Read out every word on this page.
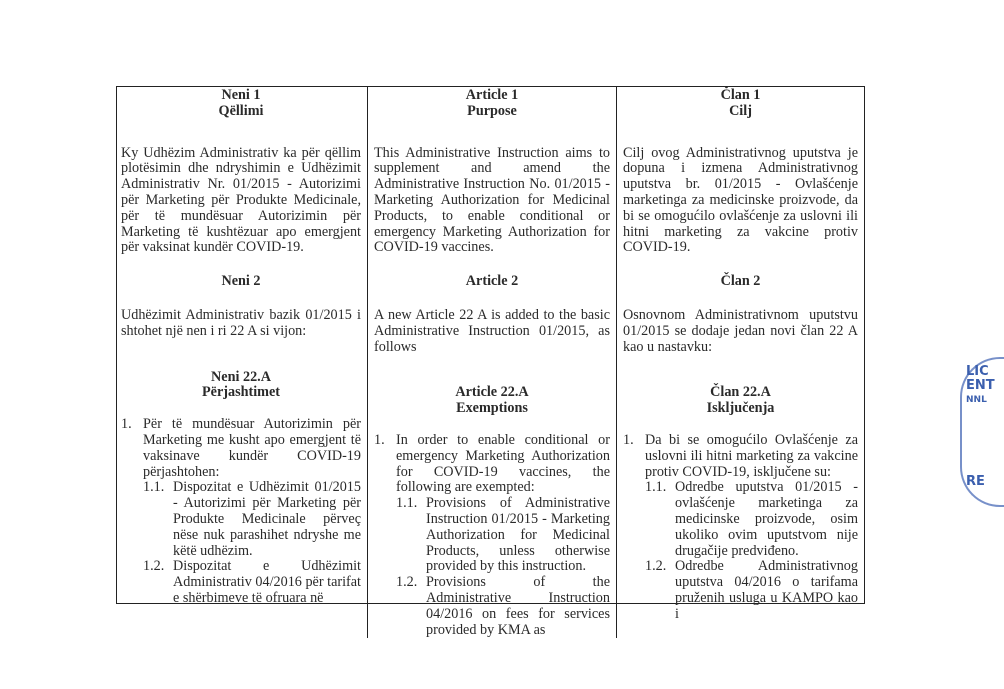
Neni 1

Qëllimi

Ky Udhëzim Administrativ ka për qëllim plotësimin dhe ndryshimin e Udhëzimit Administrativ Nr. 01/2015 - Autorizimi për Marketing për Produkte Medicinale, për të mundësuar Autorizimin për Marketing të kushtëzuar apo emergjent për vaksinat kundër COVID-19.

Neni 2

Udhëzimit Administrativ bazik 01/2015 i shtohet një nen i ri 22 A si vijon:

Neni 22.A

Përjashtimet

1. Për të mundësuar Autorizimin për Marketing me kusht apo emergjent të vaksinave kundër COVID-19 përjashtohen:
1.1. Dispozitat e Udhëzimit 01/2015 - Autorizimi për Marketing për Produkte Medicinale përveç nëse nuk parashihet ndryshe me këtë udhëzim.
1.2. Dispozitat e Udhëzimit Administrativ 04/2016 për tarifat e shërbimeve të ofruara në

Article 1

Purpose

This Administrative Instruction aims to supplement and amend the Administrative Instruction No. 01/2015 - Marketing Authorization for Medicinal Products, to enable conditional or emergency Marketing Authorization for COVID-19 vaccines.

Article 2

A new Article 22 A is added to the basic Administrative Instruction 01/2015, as follows

Article 22.A

Exemptions

1. In order to enable conditional or emergency Marketing Authorization for COVID-19 vaccines, the following are exempted:
1.1. Provisions of Administrative Instruction 01/2015 - Marketing Authorization for Medicinal Products, unless otherwise provided by this instruction.
1.2. Provisions of the Administrative Instruction 04/2016 on fees for services provided by KMA as

Član 1

Cilj

Cilj ovog Administrativnog uputstva je dopuna i izmena Administrativnog uputstva br. 01/2015 - Ovlašćenje marketinga za medicinske proizvode, da bi se omogućilo ovlašćenje za uslovni ili hitni marketing za vakcine protiv COVID-19.

Član 2

Osnovnom Administrativnom uputstvu 01/2015 se dodaje jedan novi član 22 A kao u nastavku:

Član 22.A

Isključenja

1. Da bi se omogućilo Ovlašćenje za uslovni ili hitni marketing za vakcine protiv COVID-19, isključene su:
1.1. Odredbe uputstva 01/2015 - ovlašćenje marketinga za medicinske proizvode, osim ukoliko ovim uputstvom nije drugačije predviđeno.
1.2. Odredbe Administrativnog uputstva 04/2016 o tarifama pruženih usluga u KAMPO kao i
LIC
ENT
NNL
RE
